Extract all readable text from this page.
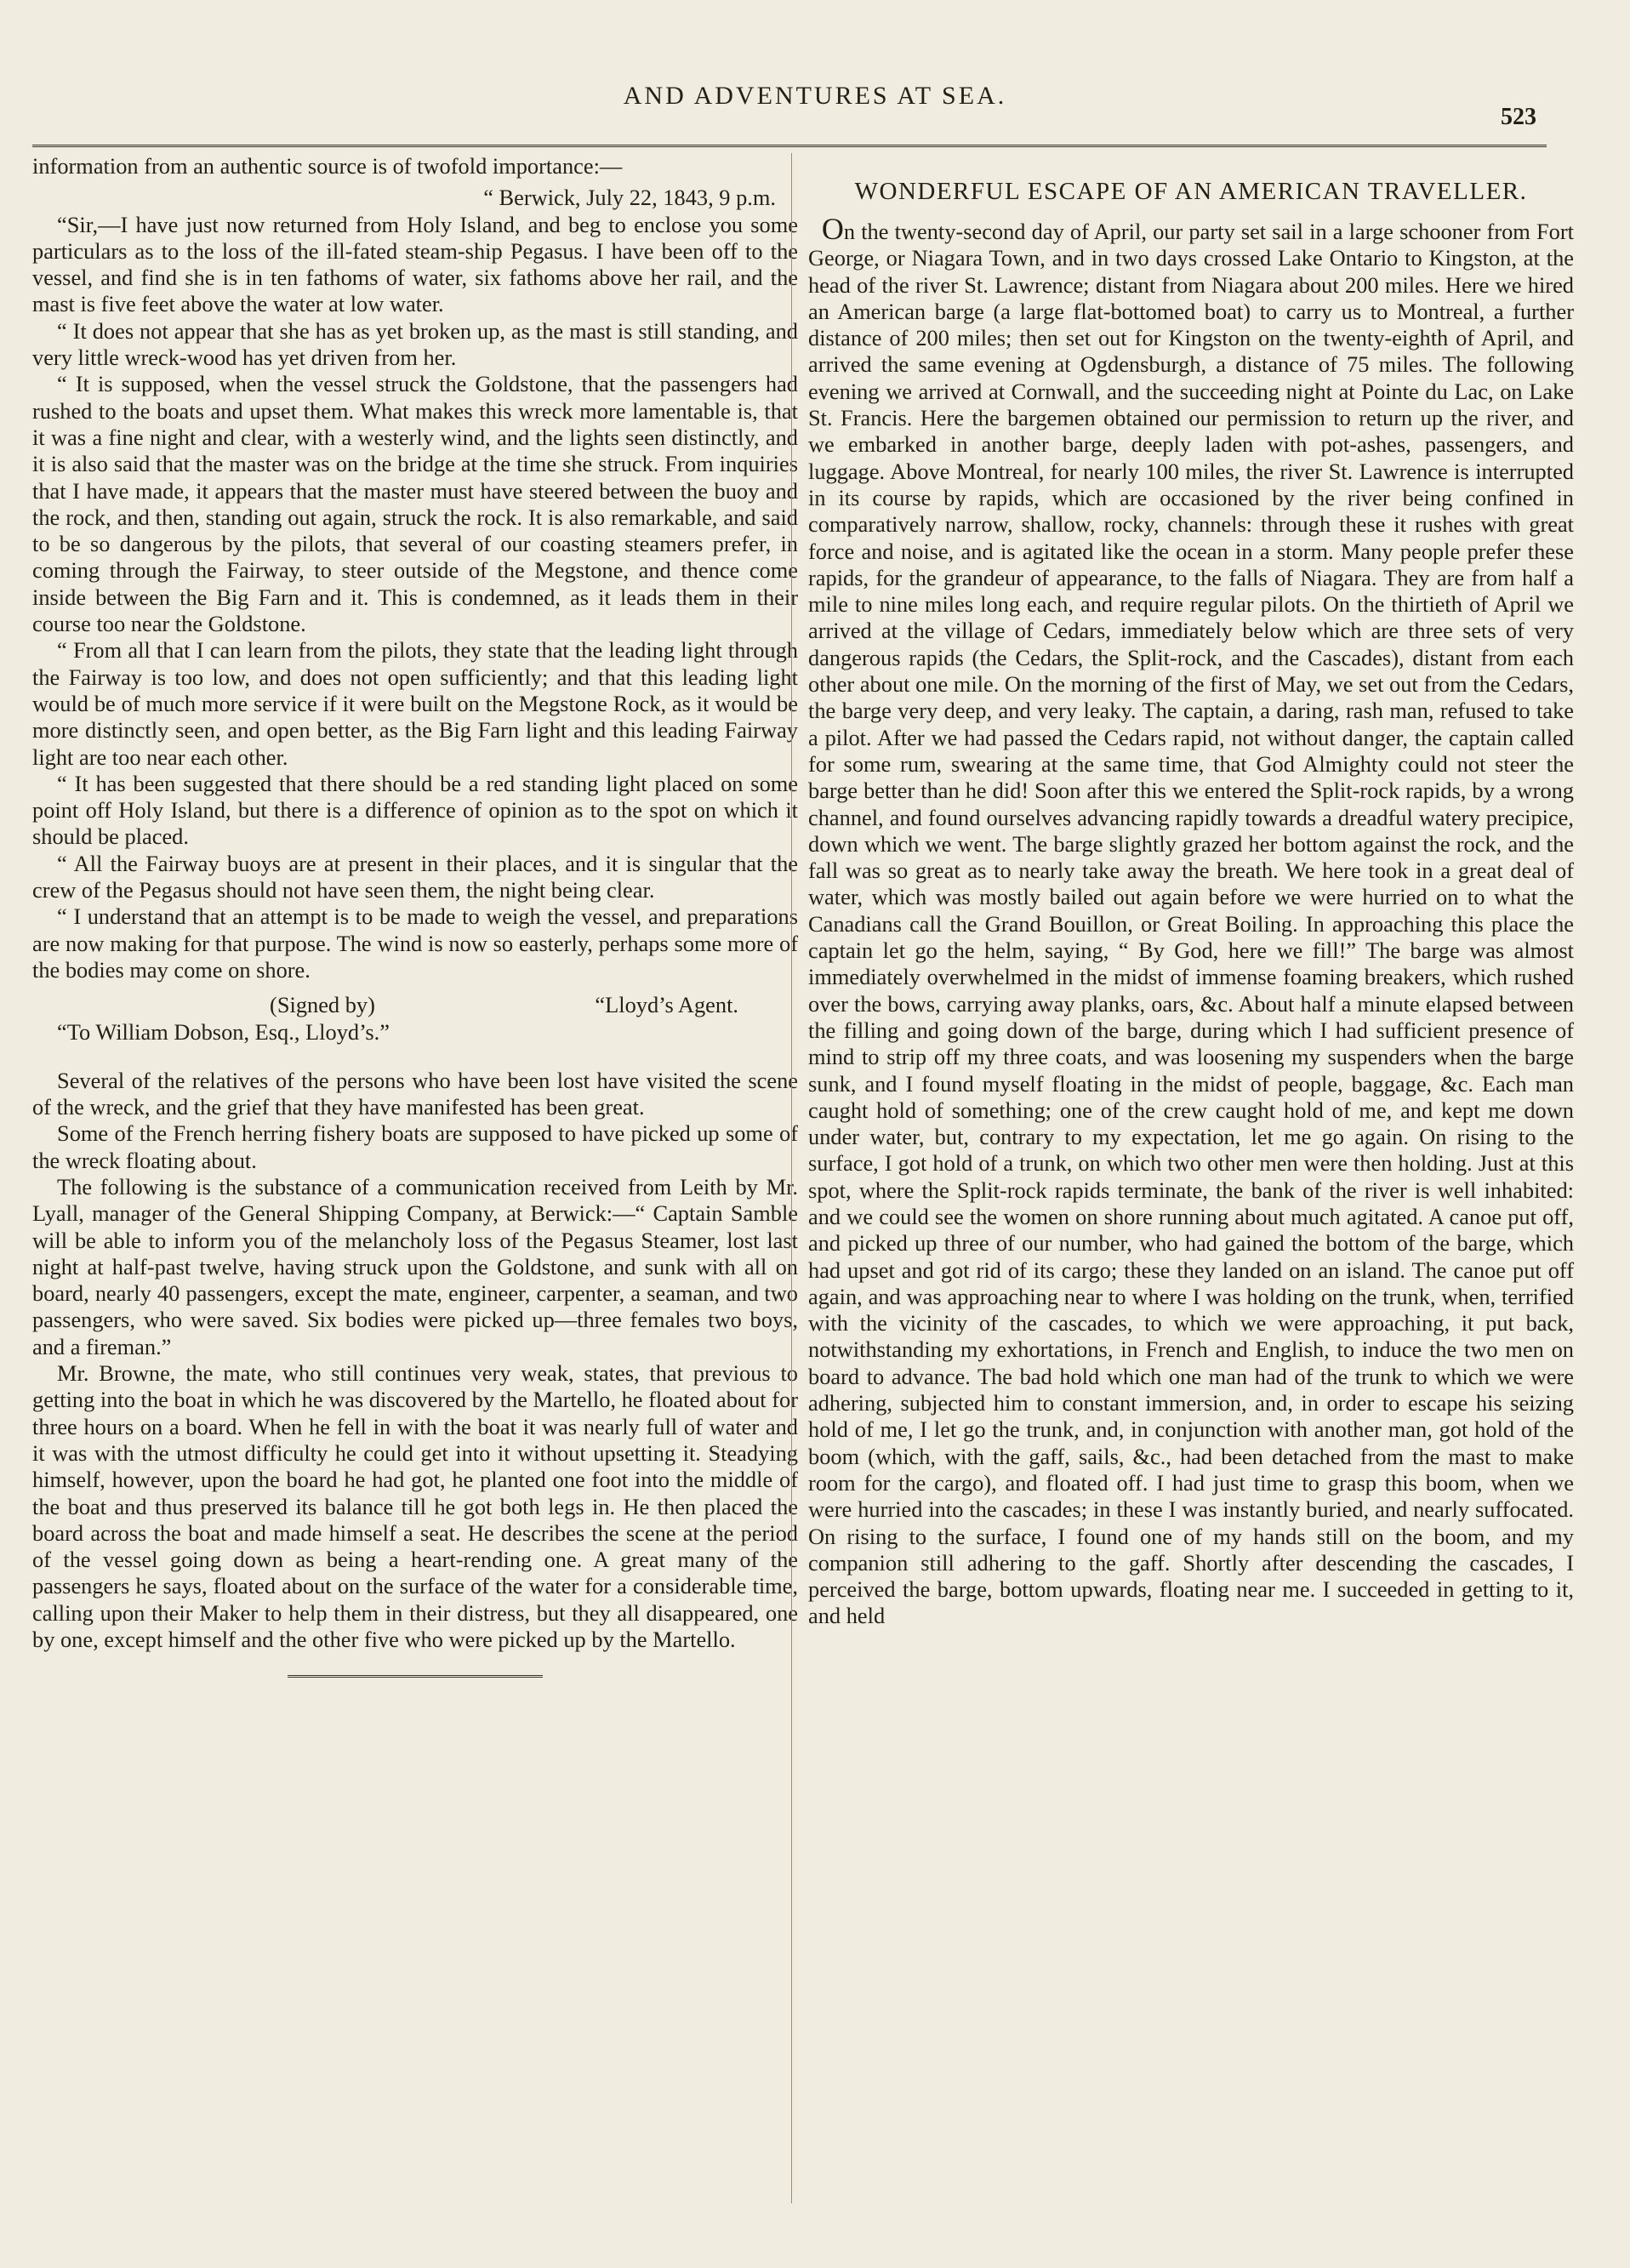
AND ADVENTURES AT SEA.
523

information from an authentic source is of twofold importance:—

“ Berwick, July 22, 1843, 9 p.m.

“Sir,—I have just now returned from Holy Island, and beg to enclose you some particulars as to the loss of the ill-fated steam-ship Pegasus. I have been off to the vessel, and find she is in ten fathoms of water, six fathoms above her rail, and the mast is five feet above the water at low water.

“ It does not appear that she has as yet broken up, as the mast is still standing, and very little wreck-wood has yet driven from her.

“ It is supposed, when the vessel struck the Goldstone, that the passengers had rushed to the boats and upset them. What makes this wreck more lamentable is, that it was a fine night and clear, with a westerly wind, and the lights seen distinctly, and it is also said that the master was on the bridge at the time she struck. From inquiries that I have made, it appears that the master must have steered between the buoy and the rock, and then, standing out again, struck the rock. It is also remarkable, and said to be so dangerous by the pilots, that several of our coasting steamers prefer, in coming through the Fairway, to steer outside of the Megstone, and thence come inside between the Big Farn and it. This is condemned, as it leads them in their course too near the Goldstone.

“ From all that I can learn from the pilots, they state that the leading light through the Fairway is too low, and does not open sufficiently; and that this leading light would be of much more service if it were built on the Megstone Rock, as it would be more distinctly seen, and open better, as the Big Farn light and this leading Fairway light are too near each other.

“ It has been suggested that there should be a red standing light placed on some point off Holy Island, but there is a difference of opinion as to the spot on which it should be placed.

“ All the Fairway buoys are at present in their places, and it is singular that the crew of the Pegasus should not have seen them, the night being clear.

“ I understand that an attempt is to be made to weigh the vessel, and preparations are now making for that purpose. The wind is now so easterly, perhaps some more of the bodies may come on shore.

(Signed by)	“Lloyd’s Agent.

“To William Dobson, Esq., Lloyd’s.”

Several of the relatives of the persons who have been lost have visited the scene of the wreck, and the grief that they have manifested has been great.

Some of the French herring fishery boats are supposed to have picked up some of the wreck floating about.

The following is the substance of a communication received from Leith by Mr. Lyall, manager of the General Shipping Company, at Berwick:—“ Captain Samble will be able to inform you of the melancholy loss of the Pegasus Steamer, lost last night at half-past twelve, having struck upon the Goldstone, and sunk with all on board, nearly 40 passengers, except the mate, engineer, carpenter, a seaman, and two passengers, who were saved. Six bodies were picked up—three females two boys, and a fireman.”

Mr. Browne, the mate, who still continues very weak, states, that previous to getting into the boat in which he was discovered by the Martello, he floated about for three hours on a board. When he fell in with the boat it was nearly full of water and it was with the utmost difficulty he could get into it without upsetting it. Steadying himself, however, upon the board he had got, he planted one foot into the middle of the boat and thus preserved its balance till he got both legs in. He then placed the board across the boat and made himself a seat. He describes the scene at the period of the vessel going down as being a heart-rending one. A great many of the passengers he says, floated about on the surface of the water for a considerable time, calling upon their Maker to help them in their distress, but they all disappeared, one by one, except himself and the other five who were picked up by the Martello.

WONDERFUL ESCAPE OF AN AMERICAN TRAVELLER.

On the twenty-second day of April, our party set sail in a large schooner from Fort George, or Niagara Town, and in two days crossed Lake Ontario to Kingston, at the head of the river St. Lawrence; distant from Niagara about 200 miles. Here we hired an American barge (a large flat-bottomed boat) to carry us to Montreal, a further distance of 200 miles; then set out for Kingston on the twenty-eighth of April, and arrived the same evening at Ogdensburgh, a distance of 75 miles. The following evening we arrived at Cornwall, and the succeeding night at Pointe du Lac, on Lake St. Francis. Here the bargemen obtained our permission to return up the river, and we embarked in another barge, deeply laden with pot-ashes, passengers, and luggage. Above Montreal, for nearly 100 miles, the river St. Lawrence is interrupted in its course by rapids, which are occasioned by the river being confined in comparatively narrow, shallow, rocky, channels: through these it rushes with great force and noise, and is agitated like the ocean in a storm. Many people prefer these rapids, for the grandeur of appearance, to the falls of Niagara. They are from half a mile to nine miles long each, and require regular pilots. On the thirtieth of April we arrived at the village of Cedars, immediately below which are three sets of very dangerous rapids (the Cedars, the Split-rock, and the Cascades), distant from each other about one mile. On the morning of the first of May, we set out from the Cedars, the barge very deep, and very leaky. The captain, a daring, rash man, refused to take a pilot. After we had passed the Cedars rapid, not without danger, the captain called for some rum, swearing at the same time, that God Almighty could not steer the barge better than he did! Soon after this we entered the Split-rock rapids, by a wrong channel, and found ourselves advancing rapidly towards a dreadful watery precipice, down which we went. The barge slightly grazed her bottom against the rock, and the fall was so great as to nearly take away the breath. We here took in a great deal of water, which was mostly bailed out again before we were hurried on to what the Canadians call the Grand Bouillon, or Great Boiling. In approaching this place the captain let go the helm, saying, “ By God, here we fill!” The barge was almost immediately overwhelmed in the midst of immense foaming breakers, which rushed over the bows, carrying away planks, oars, &c. About half a minute elapsed between the filling and going down of the barge, during which I had sufficient presence of mind to strip off my three coats, and was loosening my suspenders when the barge sunk, and I found myself floating in the midst of people, baggage, &c. Each man caught hold of something; one of the crew caught hold of me, and kept me down under water, but, contrary to my expectation, let me go again. On rising to the surface, I got hold of a trunk, on which two other men were then holding. Just at this spot, where the Split-rock rapids terminate, the bank of the river is well inhabited: and we could see the women on shore running about much agitated. A canoe put off, and picked up three of our number, who had gained the bottom of the barge, which had upset and got rid of its cargo; these they landed on an island. The canoe put off again, and was approaching near to where I was holding on the trunk, when, terrified with the vicinity of the cascades, to which we were approaching, it put back, notwithstanding my exhortations, in French and English, to induce the two men on board to advance. The bad hold which one man had of the trunk to which we were adhering, subjected him to constant immersion, and, in order to escape his seizing hold of me, I let go the trunk, and, in conjunction with another man, got hold of the boom (which, with the gaff, sails, &c., had been detached from the mast to make room for the cargo), and floated off. I had just time to grasp this boom, when we were hurried into the cascades; in these I was instantly buried, and nearly suffocated. On rising to the surface, I found one of my hands still on the boom, and my companion still adhering to the gaff. Shortly after descending the cascades, I perceived the barge, bottom upwards, floating near me. I succeeded in getting to it, and held
